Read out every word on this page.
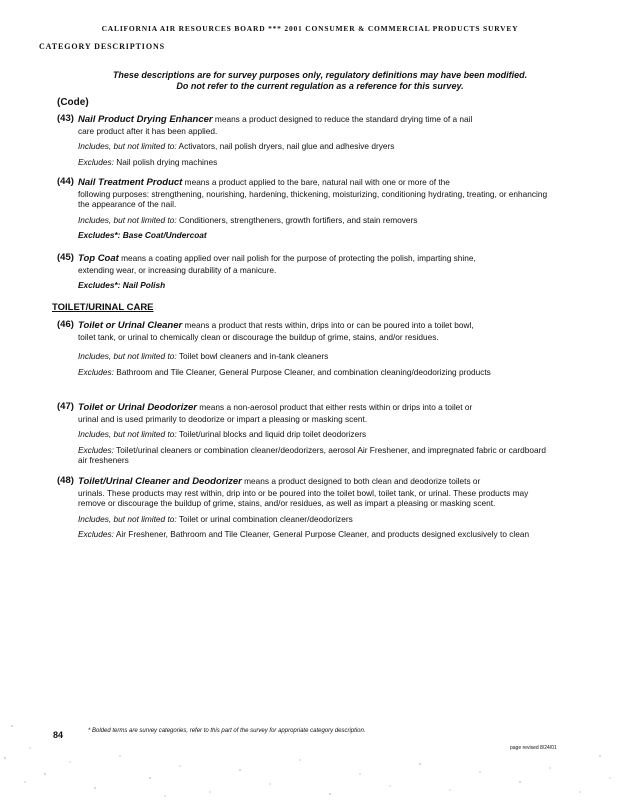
CALIFORNIA AIR RESOURCES BOARD *** 2001 CONSUMER & COMMERCIAL PRODUCTS SURVEY
CATEGORY DESCRIPTIONS
These descriptions are for survey purposes only, regulatory definitions may have been modified.
Do not refer to the current regulation as a reference for this survey.
(Code)
(43) Nail Product Drying Enhancer means a product designed to reduce the standard drying time of a nail
care product after it has been applied.
Includes, but not limited to: Activators, nail polish dryers, nail glue and adhesive dryers
Excludes: Nail polish drying machines
(44) Nail Treatment Product means a product applied to the bare, natural nail with one or more of the
following purposes: strengthening, nourishing, hardening, thickening, moisturizing, conditioning hydrating, treating, or enhancing the appearance of the nail.
Includes, but not limited to: Conditioners, strengtheners, growth fortifiers, and stain removers
Excludes*: Base Coat/Undercoat
(45) Top Coat means a coating applied over nail polish for the purpose of protecting the polish, imparting shine,
extending wear, or increasing durability of a manicure.
Excludes*: Nail Polish
TOILET/URINAL CARE
(46) Toilet or Urinal Cleaner means a product that rests within, drips into or can be poured into a toilet bowl,
toilet tank, or urinal to chemically clean or discourage the buildup of grime, stains, and/or residues.
Includes, but not limited to: Toilet bowl cleaners and in-tank cleaners
Excludes: Bathroom and Tile Cleaner, General Purpose Cleaner, and combination cleaning/deodorizing products
(47) Toilet or Urinal Deodorizer means a non-aerosol product that either rests within or drips into a toilet or
urinal and is used primarily to deodorize or impart a pleasing or masking scent.
Includes, but not limited to: Toilet/urinal blocks and liquid drip toilet deodorizers
Excludes: Toilet/urinal cleaners or combination cleaner/deodorizers, aerosol Air Freshener, and impregnated fabric or cardboard air fresheners
(48) Toilet/Urinal Cleaner and Deodorizer means a product designed to both clean and deodorize toilets or
urinals. These products may rest within, drip into or be poured into the toilet bowl, toilet tank, or urinal. These products may remove or discourage the buildup of grime, stains, and/or residues, as well as impart a pleasing or masking scent.
Includes, but not limited to: Toilet or urinal combination cleaner/deodorizers
Excludes: Air Freshener, Bathroom and Tile Cleaner, General Purpose Cleaner, and products designed exclusively to clean
84	* Bolded terms are survey categories, refer to this part of the survey for appropriate category description.
page revised 8/24/01
